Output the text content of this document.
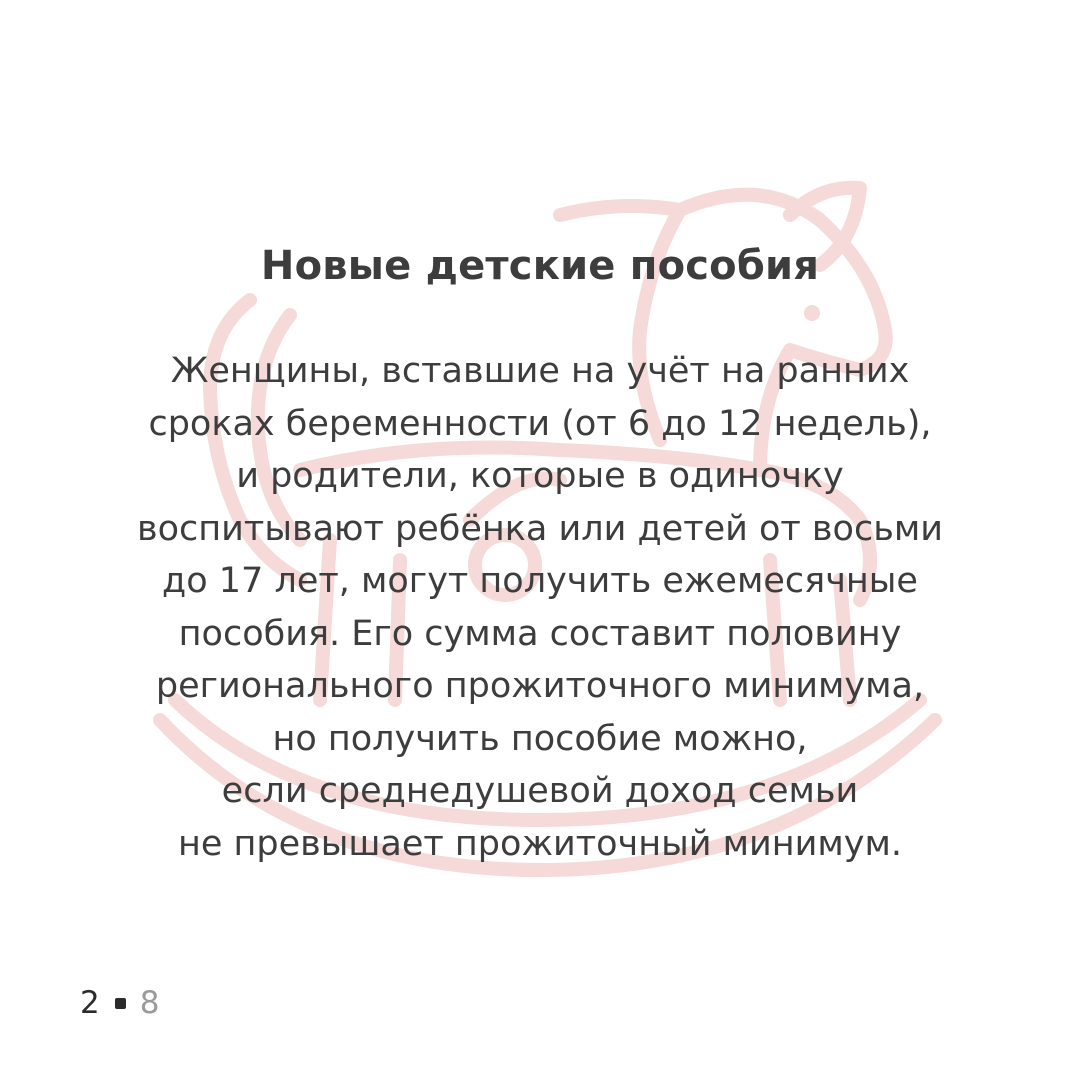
Новые детские пособия
Женщины, вставшие на учёт на ранних
сроках беременности (от 6 до 12 недель),
и родители, которые в одиночку
воспитывают ребёнка или детей от восьми
до 17 лет, могут получить ежемесячные
пособия. Его сумма составит половину
регионального прожиточного минимума,
но получить пособие можно,
если среднедушевой доход семьи
не превышает прожиточный минимум.
2 8
